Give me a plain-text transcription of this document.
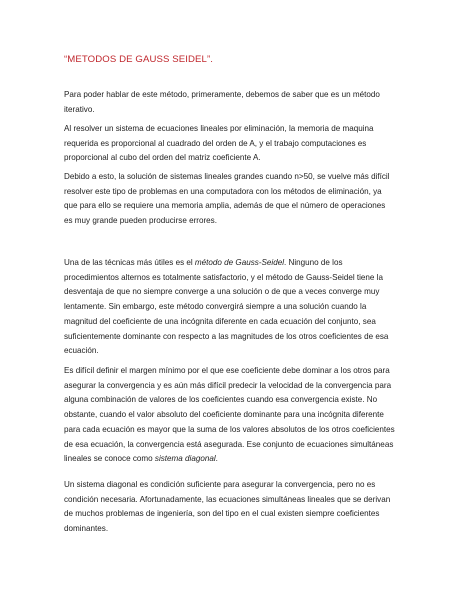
“METODOS DE GAUSS SEIDEL”.

Para poder hablar de este método, primeramente, debemos de saber que es un método
iterativo.

Al resolver un sistema de ecuaciones lineales por eliminación, la memoria de maquina
requerida es proporcional al cuadrado del orden de A, y el trabajo computaciones es
proporcional al cubo del orden del matriz coeficiente A.

Debido a esto, la solución de sistemas lineales grandes cuando n>50, se vuelve más difícil
resolver este tipo de problemas en una computadora con los métodos de eliminación, ya
que para ello se requiere una memoria amplia, además de que el número de operaciones
es muy grande pueden producirse errores.

Una de las técnicas más útiles es el método de Gauss-Seidel. Ninguno de los
procedimientos alternos es totalmente satisfactorio, y el método de Gauss-Seidel tiene la
desventaja de que no siempre converge a una solución o de que a veces converge muy
lentamente. Sin embargo, este método convergirá siempre a una solución cuando la
magnitud del coeficiente de una incógnita diferente en cada ecuación del conjunto, sea
suficientemente dominante con respecto a las magnitudes de los otros coeficientes de esa
ecuación.

Es difícil definir el margen mínimo por el que ese coeficiente debe dominar a los otros para
asegurar la convergencia y es aún más difícil predecir la velocidad de la convergencia para
alguna combinación de valores de los coeficientes cuando esa convergencia existe. No
obstante, cuando el valor absoluto del coeficiente dominante para una incógnita diferente
para cada ecuación es mayor que la suma de los valores absolutos de los otros coeficientes
de esa ecuación, la convergencia está asegurada. Ese conjunto de ecuaciones simultáneas
lineales se conoce como sistema diagonal.

Un sistema diagonal es condición suficiente para asegurar la convergencia, pero no es
condición necesaria. Afortunadamente, las ecuaciones simultáneas lineales que se derivan
de muchos problemas de ingeniería, son del tipo en el cual existen siempre coeficientes
dominantes.
